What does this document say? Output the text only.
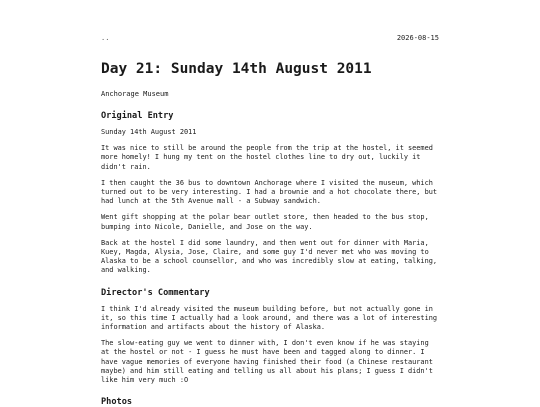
..	2026-08-15
Day 21: Sunday 14th August 2011
Anchorage Museum
Original Entry

Sunday 14th August 2011

It was nice to still be around the people from the trip at the hostel, it seemed more homely! I hung my tent on the hostel clothes line to dry out, luckily it didn't rain.

I then caught the 36 bus to downtown Anchorage where I visited the museum, which turned out to be very interesting. I had a brownie and a hot chocolate there, but had lunch at the 5th Avenue mall - a Subway sandwich.

Went gift shopping at the polar bear outlet store, then headed to the bus stop, bumping into Nicole, Danielle, and Jose on the way.

Back at the hostel I did some laundry, and then went out for dinner with Maria, Kuey, Magda, Alysia, Jose, Claire, and some guy I'd never met who was moving to Alaska to be a school counsellor, and who was incredibly slow at eating, talking, and walking.

Director's Commentary

I think I'd already visited the museum building before, but not actually gone in it, so this time I actually had a look around, and there was a lot of interesting information and artifacts about the history of Alaska.

The slow-eating guy we went to dinner with, I don't even know if he was staying at the hostel or not - I guess he must have been and tagged along to dinner. I have vague memories of everyone having finished their food (a Chinese restaurant maybe) and him still eating and telling us all about his plans; I guess I didn't like him very much :O

Photos
